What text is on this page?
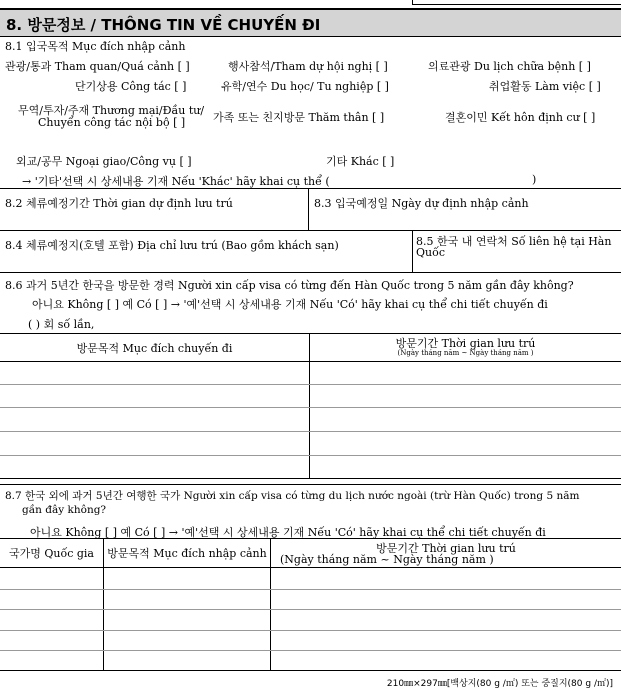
8. 방문정보 / THÔNG TIN VỀ CHUYẾN ĐI
8.1 입국목적 Mục đích nhập cảnh
관광/통과 Tham quan/Quá cảnh [ ]	행사참석/Tham dự hội nghị [ ]	의료관광 Du lịch chữa bệnh [ ]
단기상용 Công tác [ ]	유학/연수 Du học/ Tu nghiệp [ ]	취업활동 Làm việc [ ]
무역/투자/주재 Thương mại/Đầu tư/
Chuyển công tác nội bộ [ ]	가족 또는 친지방문 Thăm thân [ ]	결혼이민 Kết hôn định cư [ ]
외교/공무 Ngoại giao/Công vụ [ ]	기타 Khác [ ]
→ '기타'선택 시 상세내용 기재 Nếu 'Khác' hãy khai cụ thể (	)
8.2 체류예정기간 Thời gian dự định lưu trú	8.3 입국예정일 Ngày dự định nhập cảnh
8.4 체류예정지(호텔 포함) Địa chỉ lưu trú (Bao gồm khách sạn)	8.5 한국 내 연락처 Số liên hệ tại Hàn
Quốc
8.6 과거 5년간 한국을 방문한 경력 Người xin cấp visa có từng đến Hàn Quốc trong 5 năm gần đây không?
아니요 Không [ ] 예 Có [ ] → '예'선택 시 상세내용 기재 Nếu 'Có' hãy khai cụ thể chi tiết chuyến đi
( ) 회 số lần,
방문목적 Mục đích chuyến đi	방문기간 Thời gian lưu trú
(Ngày tháng năm ~ Ngày tháng năm )
8.7 한국 외에 과거 5년간 여행한 국가 Người xin cấp visa có từng du lịch nước ngoài (trừ Hàn Quốc) trong 5 năm
gần đây không?
아니요 Không [ ] 예 Có [ ] → '예'선택 시 상세내용 기재 Nếu 'Có' hãy khai cụ thể chi tiết chuyến đi
국가명 Quốc gia	방문목적 Mục đích nhập cảnh	방문기간 Thời gian lưu trú
(Ngày tháng năm ~ Ngày tháng năm )
210㎜×297㎜[백상지(80 g /㎡) 또는 중질지(80 g /㎡)]
